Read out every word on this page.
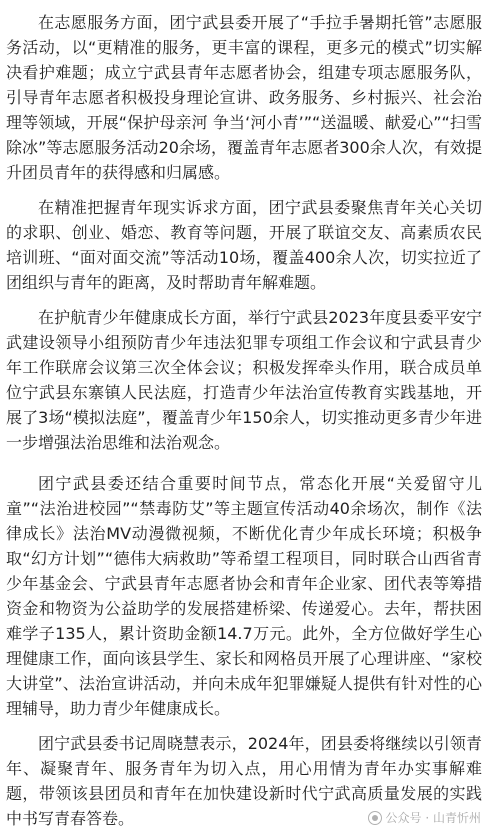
在志愿服务方面，团宁武县委开展了“手拉手暑期托管”志愿服务活动，以“更精准的服务，更丰富的课程，更多元的模式”切实解决看护难题；成立宁武县青年志愿者协会，组建专项志愿服务队，引导青年志愿者积极投身理论宣讲、政务服务、乡村振兴、社会治理等领域，开展“保护母亲河 争当‘河小青’”“送温暖、献爱心”“扫雪除冰”等志愿服务活动20余场，覆盖青年志愿者300余人次，有效提升团员青年的获得感和归属感。

在精准把握青年现实诉求方面，团宁武县委聚焦青年关心关切的求职、创业、婚恋、教育等问题，开展了联谊交友、高素质农民培训班、“面对面交流”等活动10场，覆盖400余人次，切实拉近了团组织与青年的距离，及时帮助青年解难题。

在护航青少年健康成长方面，举行宁武县2023年度县委平安宁武建设领导小组预防青少年违法犯罪专项组工作会议和宁武县青少年工作联席会议第三次全体会议；积极发挥牵头作用，联合成员单位宁武县东寨镇人民法庭，打造青少年法治宣传教育实践基地，开展了3场“模拟法庭”，覆盖青少年150余人，切实推动更多青少年进一步增强法治思维和法治观念。

团宁武县委还结合重要时间节点，常态化开展“关爱留守儿童”“法治进校园”“禁毒防艾”等主题宣传活动40余场次，制作《法律成长》法治MV动漫微视频，不断优化青少年成长环境；积极争取“幻方计划”“德伟大病救助”等希望工程项目，同时联合山西省青少年基金会、宁武县青年志愿者协会和青年企业家、团代表等筹措资金和物资为公益助学的发展搭建桥梁、传递爱心。去年，帮扶困难学子135人，累计资助金额14.7万元。此外，全方位做好学生心理健康工作，面向该县学生、家长和网格员开展了心理讲座、“家校大讲堂”、法治宣讲活动，并向未成年犯罪嫌疑人提供有针对性的心理辅导，助力青少年健康成长。

团宁武县委书记周晓慧表示，2024年，团县委将继续以引领青年、凝聚青年、服务青年为切入点，用心用情为青年办实事解难题，带领该县团员和青年在加快建设新时代宁武高质量发展的实践中书写青春答卷。	公众号 · 山青忻州
